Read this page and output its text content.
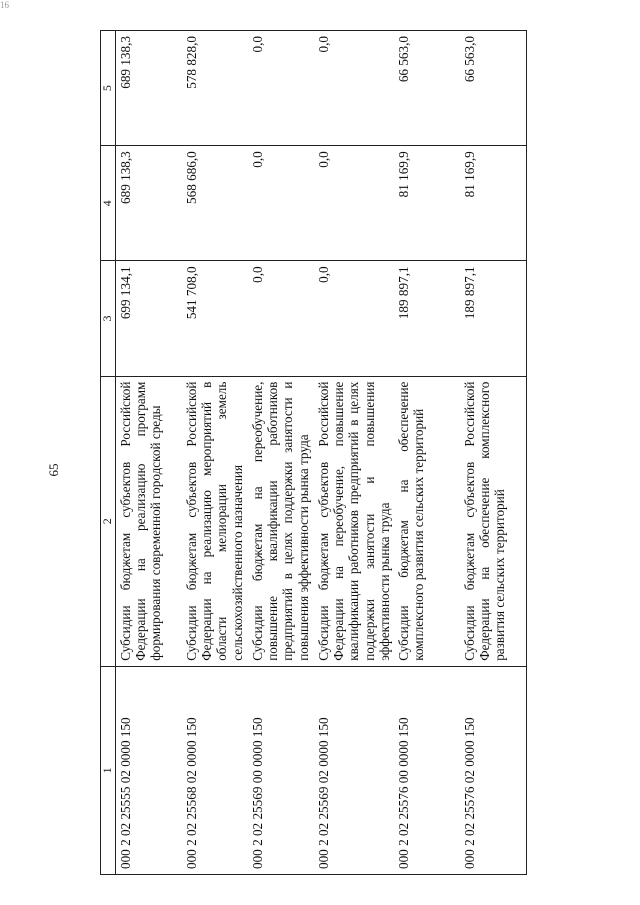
16
65
1	2	3	4	5
000 2 02 25555 02 0000 150	Субсидии бюджетам субъектов Российской Федерации на реализацию программ формирования современной городской среды	699 134,1	689 138,3	689 138,3
000 2 02 25568 02 0000 150	Субсидии бюджетам субъектов Российской Федерации на реализацию мероприятий в области мелиорации земель сельскохозяйственного назначения	541 708,0	568 686,0	578 828,0
000 2 02 25569 00 0000 150	Субсидии бюджетам на переобучение, повышение квалификации работников предприятий в целях поддержки занятости и повышения эффективности рынка труда	0,0	0,0	0,0
000 2 02 25569 02 0000 150	Субсидии бюджетам субъектов Российской Федерации на переобучение, повышение квалификации работников предприятий в целях поддержки занятости и повышения эффективности рынка труда	0,0	0,0	0,0
000 2 02 25576 00 0000 150	Субсидии бюджетам на обеспечение комплексного развития сельских территорий	189 897,1	81 169,9	66 563,0
000 2 02 25576 02 0000 150	Субсидии бюджетам субъектов Российской Федерации на обеспечение комплексного развития сельских территорий	189 897,1	81 169,9	66 563,0
